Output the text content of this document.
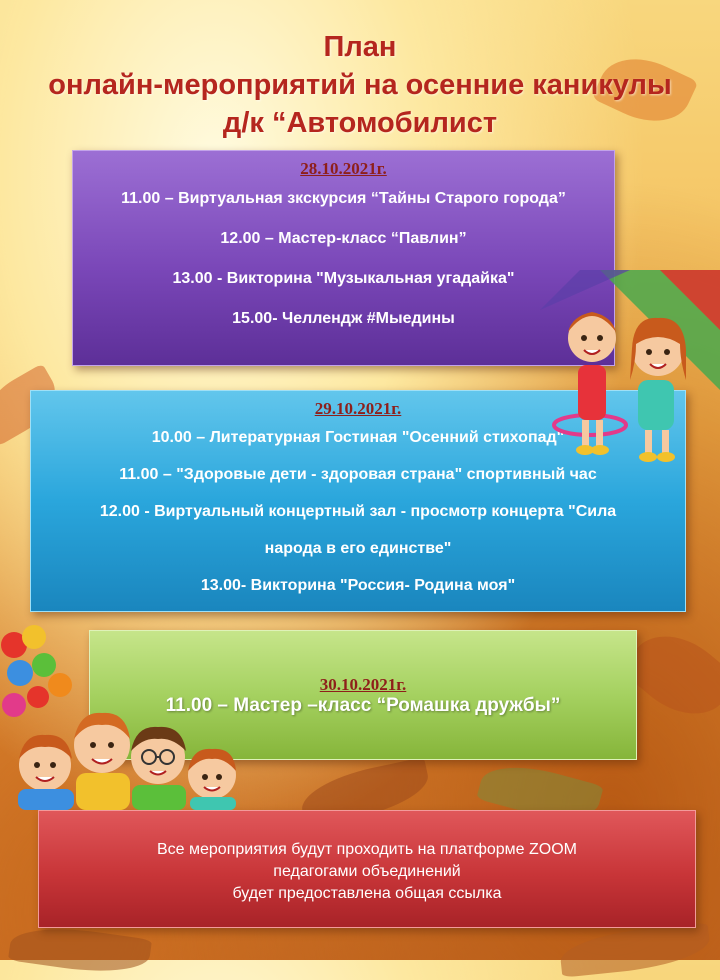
План
онлайн-мероприятий на осенние каникулы
д/к “Автомобилист
28.10.2021г.
11.00 – Виртуальная зкскурсия “Тайны Старого города”
12.00 – Мастер-класс “Павлин”
13.00 - Викторина "Музыкальная угадайка"
15.00- Челлендж #Мыедины
29.10.2021г.
10.00 – Литературная Гостиная "Осенний стихопад"
11.00 – "Здоровые дети - здоровая страна" спортивный час
12.00 - Виртуальный концертный зал - просмотр концерта "Сила
народа в его единстве"
13.00- Викторина "Россия- Родина моя"
30.10.2021г.
11.00 – Мастер –класс “Ромашка дружбы”
Все мероприятия будут проходить на платформе ZOOM
педагогами объединений
будет предоставлена общая ссылка
